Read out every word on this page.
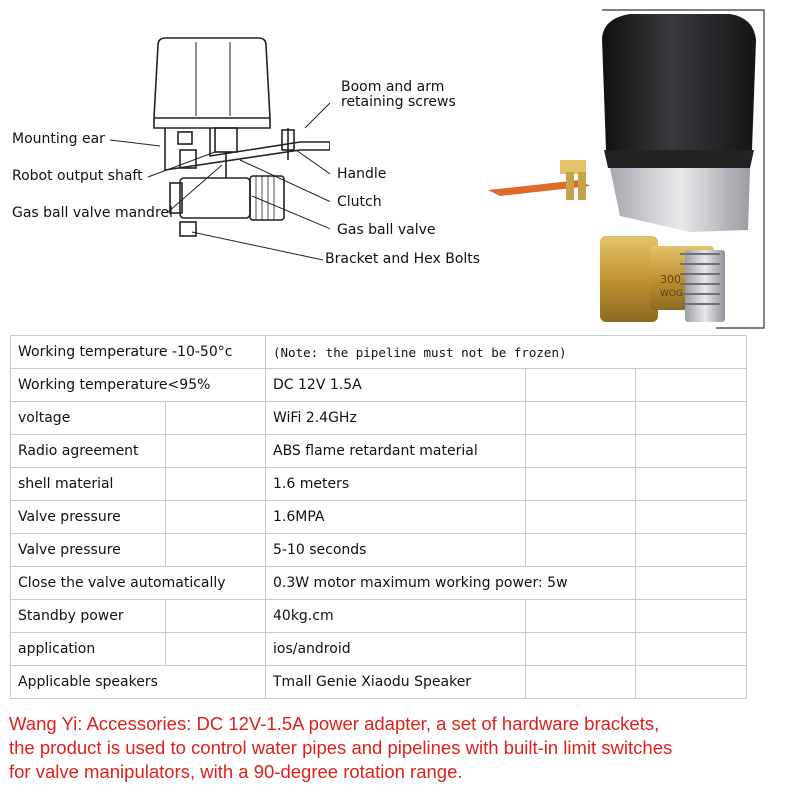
Boom and arm
retaining screws
Mounting ear
Robot output shaft	Handle
Clutch
Gas ball valve mandrel
Gas ball valve
Bracket and Hex Bolts
300
WOG
Working temperature -10-50°c		(Note: the pipeline must not be frozen)		
Working temperature<95%		DC 12V 1.5A		
voltage		WiFi 2.4GHz		
Radio agreement		ABS flame retardant material		
shell material		1.6 meters		
Valve pressure		1.6MPA		
Valve pressure		5-10 seconds		
Close the valve automatically		0.3W motor maximum working power: 5w		
Standby power		40kg.cm		
application		ios/android		
Applicable speakers		Tmall Genie Xiaodu Speaker		

Wang Yi: Accessories: DC 12V-1.5A power adapter, a set of hardware brackets,
the product is used to control water pipes and pipelines with built-in limit switches
for valve manipulators, with a 90-degree rotation range.
